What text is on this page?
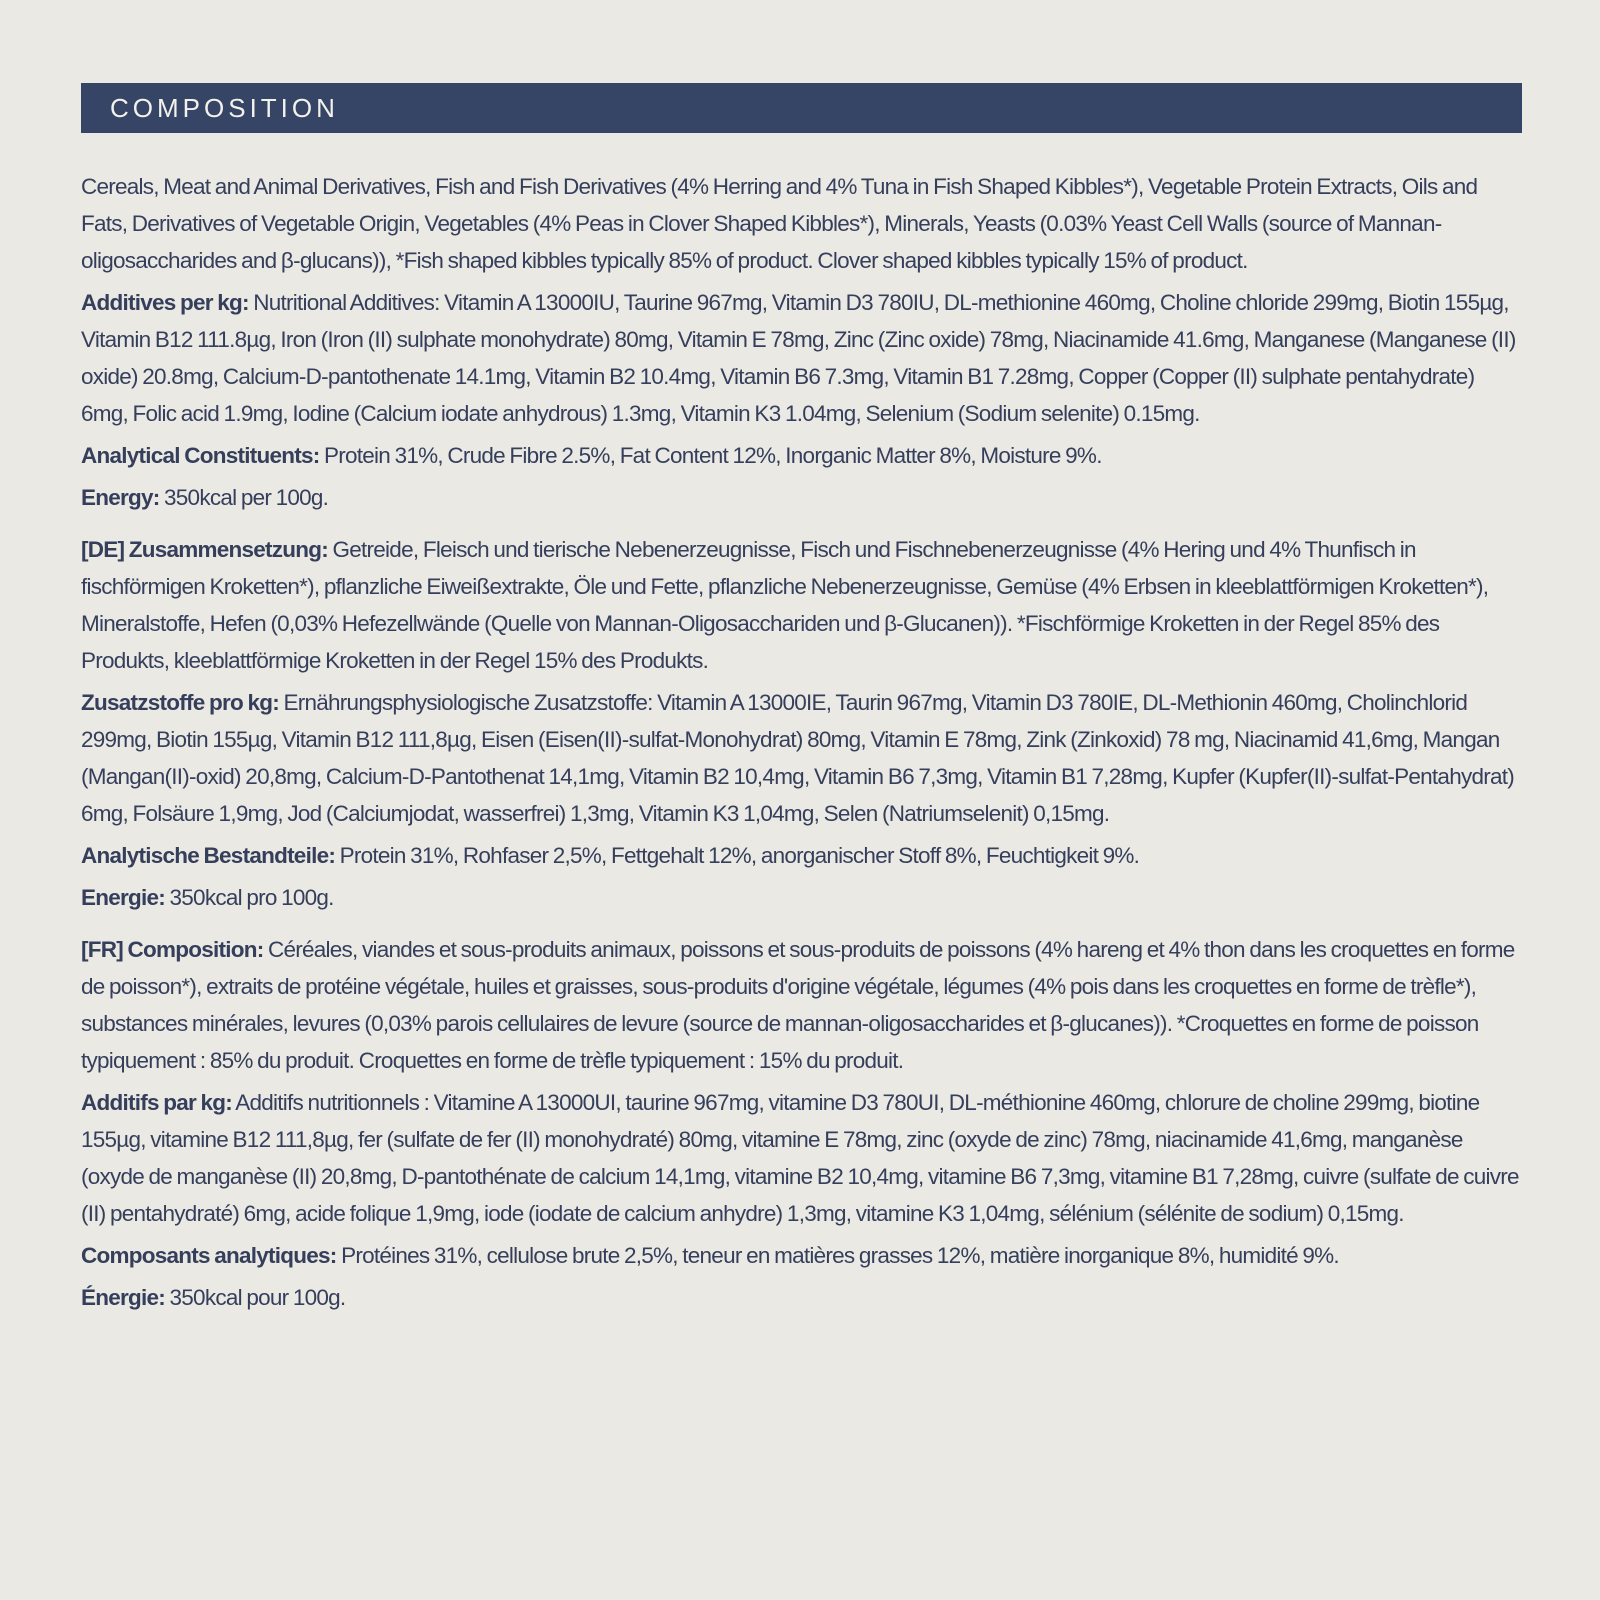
COMPOSITION

Cereals, Meat and Animal Derivatives, Fish and Fish Derivatives (4% Herring and 4% Tuna in Fish Shaped Kibbles*), Vegetable Protein Extracts, Oils and Fats, Derivatives of Vegetable Origin, Vegetables (4% Peas in Clover Shaped Kibbles*), Minerals, Yeasts (0.03% Yeast Cell Walls (source of Mannan-oligosaccharides and β-glucans)), *Fish shaped kibbles typically 85% of product. Clover shaped kibbles typically 15% of product.

Additives per kg: Nutritional Additives: Vitamin A 13000IU, Taurine 967mg, Vitamin D3 780IU, DL-methionine 460mg, Choline chloride 299mg, Biotin 155µg, Vitamin B12 111.8µg, Iron (Iron (II) sulphate monohydrate) 80mg, Vitamin E 78mg, Zinc (Zinc oxide) 78mg, Niacinamide 41.6mg, Manganese (Manganese (II) oxide) 20.8mg, Calcium-D-pantothenate 14.1mg, Vitamin B2 10.4mg, Vitamin B6 7.3mg, Vitamin B1 7.28mg, Copper (Copper (II) sulphate pentahydrate) 6mg, Folic acid 1.9mg, Iodine (Calcium iodate anhydrous) 1.3mg, Vitamin K3 1.04mg, Selenium (Sodium selenite) 0.15mg.

Analytical Constituents: Protein 31%, Crude Fibre 2.5%, Fat Content 12%, Inorganic Matter 8%, Moisture 9%.

Energy: 350kcal per 100g.

[DE] Zusammensetzung: Getreide, Fleisch und tierische Nebenerzeugnisse, Fisch und Fischnebenerzeugnisse (4% Hering und 4% Thunfisch in fischförmigen Kroketten*), pflanzliche Eiweißextrakte, Öle und Fette, pflanzliche Nebenerzeugnisse, Gemüse (4% Erbsen in kleeblattförmigen Kroketten*), Mineralstoffe, Hefen (0,03% Hefezellwände (Quelle von Mannan-Oligosacchariden und β-Glucanen)). *Fischförmige Kroketten in der Regel 85% des Produkts, kleeblattförmige Kroketten in der Regel 15% des Produkts.

Zusatzstoffe pro kg: Ernährungsphysiologische Zusatzstoffe: Vitamin A 13000IE, Taurin 967mg, Vitamin D3 780IE, DL-Methionin 460mg, Cholinchlorid 299mg, Biotin 155µg, Vitamin B12 111,8µg, Eisen (Eisen(II)-sulfat-Monohydrat) 80mg, Vitamin E 78mg, Zink (Zinkoxid) 78 mg, Niacinamid 41,6mg, Mangan (Mangan(II)-oxid) 20,8mg, Calcium-D-Pantothenat 14,1mg, Vitamin B2 10,4mg, Vitamin B6 7,3mg, Vitamin B1 7,28mg, Kupfer (Kupfer(II)-sulfat-Pentahydrat) 6mg, Folsäure 1,9mg, Jod (Calciumjodat, wasserfrei) 1,3mg, Vitamin K3 1,04mg, Selen (Natriumselenit) 0,15mg.

Analytische Bestandteile: Protein 31%, Rohfaser 2,5%, Fettgehalt 12%, anorganischer Stoff 8%, Feuchtigkeit 9%.

Energie: 350kcal pro 100g.

[FR] Composition: Céréales, viandes et sous-produits animaux, poissons et sous-produits de poissons (4% hareng et 4% thon dans les croquettes en forme de poisson*), extraits de protéine végétale, huiles et graisses, sous-produits d'origine végétale, légumes (4% pois dans les croquettes en forme de trèfle*), substances minérales, levures (0,03% parois cellulaires de levure (source de mannan-oligosaccharides et β-glucanes)). *Croquettes en forme de poisson typiquement : 85% du produit. Croquettes en forme de trèfle typiquement : 15% du produit.

Additifs par kg: Additifs nutritionnels : Vitamine A 13000UI, taurine 967mg, vitamine D3 780UI, DL-méthionine 460mg, chlorure de choline 299mg, biotine 155µg, vitamine B12 111,8µg, fer (sulfate de fer (II) monohydraté) 80mg, vitamine E 78mg, zinc (oxyde de zinc) 78mg, niacinamide 41,6mg, manganèse (oxyde de manganèse (II) 20,8mg, D-pantothénate de calcium 14,1mg, vitamine B2 10,4mg, vitamine B6 7,3mg, vitamine B1 7,28mg, cuivre (sulfate de cuivre (II) pentahydraté) 6mg, acide folique 1,9mg, iode (iodate de calcium anhydre) 1,3mg, vitamine K3 1,04mg, sélénium (sélénite de sodium) 0,15mg.

Composants analytiques: Protéines 31%, cellulose brute 2,5%, teneur en matières grasses 12%, matière inorganique 8%, humidité 9%.

Énergie: 350kcal pour 100g.
